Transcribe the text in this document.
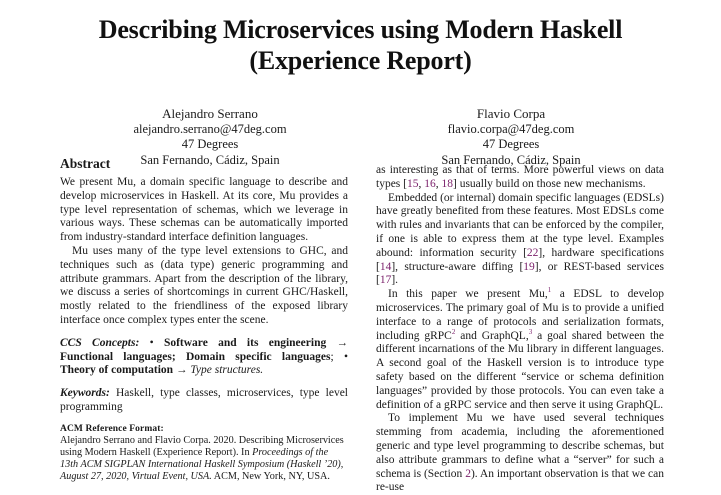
Describing Microservices using Modern Haskell
(Experience Report)
Alejandro Serrano
alejandro.serrano@47deg.com
47 Degrees
San Fernando, Cádiz, Spain
Flavio Corpa
flavio.corpa@47deg.com
47 Degrees
San Fernando, Cádiz, Spain
Abstract

We present Mu, a domain specific language to describe and develop microservices in Haskell. At its core, Mu provides a type level representation of schemas, which we leverage in various ways. These schemas can be automatically imported from industry-standard interface definition languages.

Mu uses many of the type level extensions to GHC, and techniques such as (data type) generic programming and attribute grammars. Apart from the description of the library, we discuss a series of shortcomings in current GHC/Haskell, mostly related to the friendliness of the exposed library interface once complex types enter the scene.

CCS Concepts: • Software and its engineering → Functional languages; Domain specific languages; • Theory of computation → Type structures.

Keywords: Haskell, type classes, microservices, type level programming

ACM Reference Format:

Alejandro Serrano and Flavio Corpa. 2020. Describing Microservices using Modern Haskell (Experience Report). In Proceedings of the 13th ACM SIGPLAN International Haskell Symposium (Haskell ’20), August 27, 2020, Virtual Event, USA. ACM, New York, NY, USA.

as interesting as that of terms. More powerful views on data types [15, 16, 18] usually build on those new mechanisms.

Embedded (or internal) domain specific languages (EDSLs) have greatly benefited from these features. Most EDSLs come with rules and invariants that can be enforced by the compiler, if one is able to express them at the type level. Examples abound: information security [22], hardware specifications [14], structure-aware diffing [19], or REST-based services [17].

In this paper we present Mu,$^1$ a EDSL to develop microservices. The primary goal of Mu is to provide a unified interface to a range of protocols and serialization formats, including gRPC$^2$ and GraphQL,$^3$ a goal shared between the different incarnations of the Mu library in different languages. A second goal of the Haskell version is to introduce type safety based on the different “service or schema definition languages” provided by those protocols. You can even take a definition of a gRPC service and then serve it using GraphQL.

To implement Mu we have used several techniques stemming from academia, including the aforementioned generic and type level programming to describe schemas, but also attribute grammars to define what a “server” for such a schema is (Section 2). An important observation is that we can re-use
